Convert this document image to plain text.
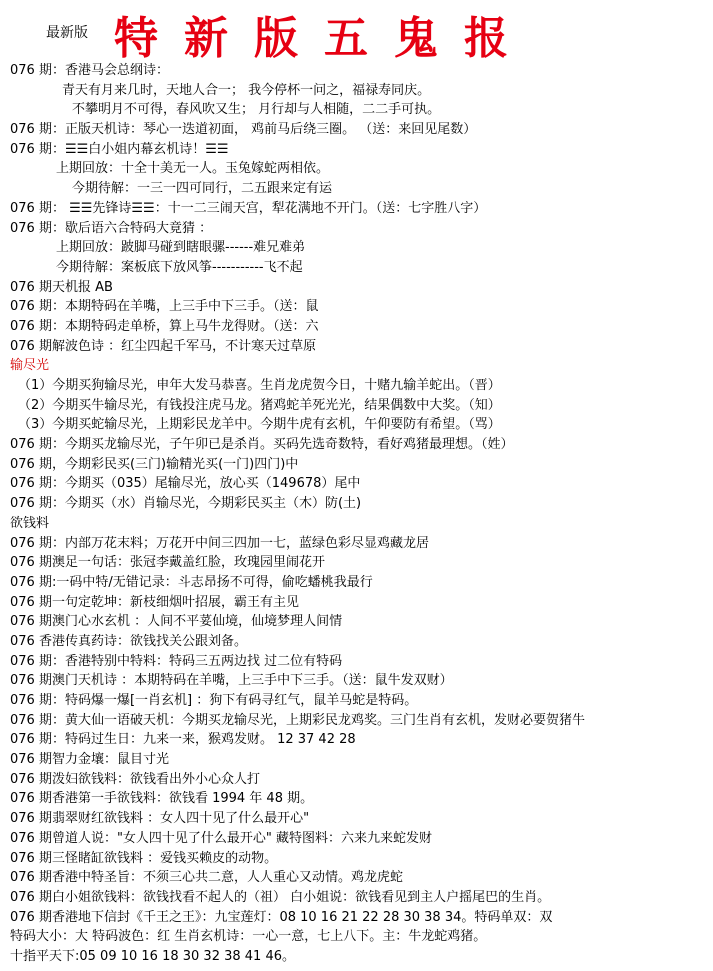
最新版 特新版五鬼报
076 期：香港马会总纲诗：
青天有月来几时，天地人合一； 我今停杯一问之，福禄寿同庆。
不攀明月不可得，春风吹又生； 月行却与人相随，二二手可执。
076 期：正版天机诗：琴心一迭道初面， 鸡前马后绕三圈。 （送：来回见尾数）
076 期：☰☰白小姐内幕玄机诗！☰☰
上期回放：十全十美无一人。玉兔嫁蛇两相依。
今期待解：一三一四可同行，二五跟来定有运
076 期： ☰☰先锋诗☰☰：十一二三闹天宫，犁花满地不开门。（送：七字胜八字）
076 期：歇后语六合特码大竟猜 ：
上期回放：跛脚马碰到瞎眼骡------难兄难弟
今期待解：案板底下放风筝-----------飞不起
076 期天机报 AB
076 期：本期特码在羊嘴，上三手中下三手。（送：鼠
076 期：本期特码走单桥，算上马牛龙得财。（送：六
076 期解波色诗 ：红尘四起千军马，不计寒天过草原
输尽光
（1）今期买狗输尽光，申年大发马恭喜。生肖龙虎贺今日，十赌九输羊蛇出。（晋）
（2）今期买牛输尽光，有钱投注虎马龙。猪鸡蛇羊死光光，结果偶数中大奖。（知）
（3）今期买蛇输尽光，上期彩民龙羊中。今期牛虎有玄机，午仰要防有希望。（骂）
076 期：今期买龙输尽光，子午卯已是杀肖。买码先选奇数特，看好鸡猪最理想。（姓）
076 期，今期彩民买(三门)输精光买(一门)四门)中
076 期：今期买（035）尾输尽光，放心买（149678）尾中
076 期：今期买（水）肖输尽光，今期彩民买主（木）防(土)
欲钱料
076 期：内部万花末料；万花开中间三四加一七，蓝绿色彩尽显鸡藏龙居
076 期澳足一句话：张冠李戴盖红脸，玫瑰园里闹花开
076 期:一码中特/无错记录：斗志昂扬不可得，偷吃蟠桃我最行
076 期一句定乾坤：新枝细烟叶招展，霸王有主见
076 期澳门心水玄机 ：人间不平荽仙境，仙境梦理人间情
076 香港传真药诗：欲钱找关公跟刘备。
076 期：香港特别中特料：特码三五两边找 过二位有特码
076 期澳门天机诗 ：本期特码在羊嘴，上三手中下三手。（送：鼠牛发双财）
076 期：特码爆一爆[一肖玄机] ：狗下有码寻红气，鼠羊马蛇是特码。
076 期：黄大仙一语破天机：今期买龙输尽光，上期彩民龙鸡奖。三门生肖有玄机，发财必要贺猪牛
076 期：特码过生日：九来一来，猴鸡发财。 12 37 42 28
076 期智力金壤：鼠目寸光
076 期泼妇欲钱料：欲钱看出外小心众人打
076 期香港第一手欲钱料：欲钱看 1994 年 48 期。
076 期翡翠财红欲钱料 ：女人四十见了什么最开心"
076 期曾道人说："女人四十见了什么最开心" 藏特图料：六来九来蛇发财
076 期三怪睹缸欲钱料 ：爱钱买赖皮的动物。
076 期香港中特圣旨：不须三心共二意，人人重心又动情。鸡龙虎蛇
076 期白小姐欲钱料：欲钱找看不起人的（祖） 白小姐说：欲钱看见到主人户摇尾巴的生肖。
076 期香港地下信封《千王之王》：九宝莲灯：08 10 16 21 22 28 30 38 34。特码单双：双
特码大小：大 特码波色：红 生肖玄机诗：一心一意，七上八下。主：牛龙蛇鸡猪。
十指平天下:05 09 10 16 18 30 32 38 41 46。
